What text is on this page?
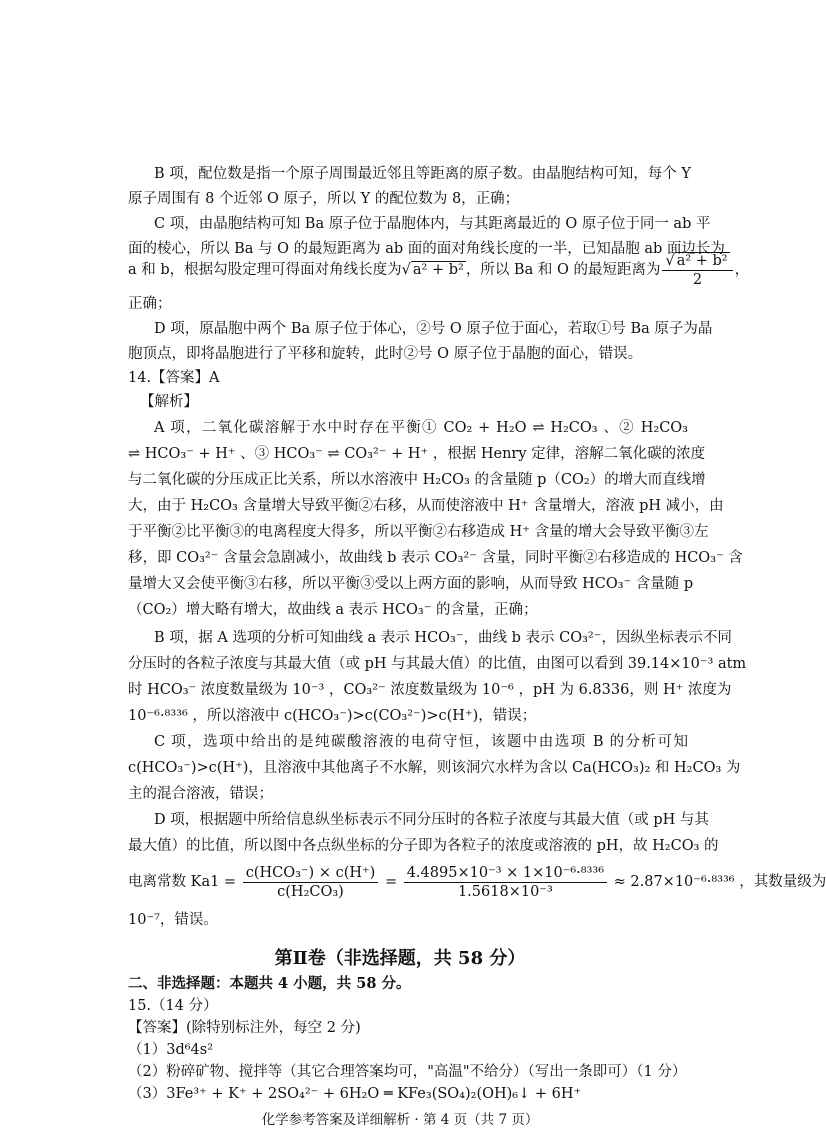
B 项，配位数是指一个原子周围最近邻且等距离的原子数。由晶胞结构可知，每个 Y
原子周围有 8 个近邻 O 原子，所以 Y 的配位数为 8，正确；
C 项，由晶胞结构可知 Ba 原子位于晶胞体内，与其距离最近的 O 原子位于同一 ab 平
面的棱心，所以 Ba 与 O 的最短距离为 ab 面的面对角线长度的一半，已知晶胞 ab 面边长为
a 和 b，根据勾股定理可得面对角线长度为√ a² + b² ，所以 Ba 和 O 的最短距离为 $\frac{\text{√ a² + b²}}{2}$ ，
正确；
D 项，原晶胞中两个 Ba 原子位于体心，②号 O 原子位于面心，若取①号 Ba 原子为晶
胞顶点，即将晶胞进行了平移和旋转，此时②号 O 原子位于晶胞的面心，错误。
14.【答案】A
【解析】
A 项，二氧化碳溶解于水中时存在平衡① CO₂ + H₂O ⇌ H₂CO₃ 、② H₂CO₃
⇌ HCO₃⁻ + H⁺ 、③ HCO₃⁻ ⇌ CO₃²⁻ + H⁺ ，根据 Henry 定律，溶解二氧化碳的浓度
与二氧化碳的分压成正比关系，所以水溶液中 H₂CO₃ 的含量随 p（CO₂）的增大而直线增
大，由于 H₂CO₃ 含量增大导致平衡②右移，从而使溶液中 H⁺ 含量增大，溶液 pH 减小，由
于平衡②比平衡③的电离程度大得多，所以平衡②右移造成 H⁺ 含量的增大会导致平衡③左
移，即 CO₃²⁻ 含量会急剧减小，故曲线 b 表示 CO₃²⁻ 含量，同时平衡②右移造成的 HCO₃⁻ 含
量增大又会使平衡③右移，所以平衡③受以上两方面的影响，从而导致 HCO₃⁻ 含量随 p
（CO₂）增大略有增大，故曲线 a 表示 HCO₃⁻ 的含量，正确；
B 项，据 A 选项的分析可知曲线 a 表示 HCO₃⁻，曲线 b 表示 CO₃²⁻，因纵坐标表示不同
分压时的各粒子浓度与其最大值（或 pH 与其最大值）的比值，由图可以看到 39.14×10⁻³ atm
时 HCO₃⁻ 浓度数量级为 10⁻³ ，CO₃²⁻ 浓度数量级为 10⁻⁶ ，pH 为 6.8336，则 H⁺ 浓度为
10⁻⁶·⁸³³⁶ ，所以溶液中 c(HCO₃⁻)>c(CO₃²⁻)>c(H⁺)，错误；
C 项，选项中给出的是纯碳酸溶液的电荷守恒，该题中由选项 B 的分析可知
c(HCO₃⁻)>c(H⁺)，且溶液中其他离子不水解，则该洞穴水样为含以 Ca(HCO₃)₂ 和 H₂CO₃ 为
主的混合溶液，错误；
D 项，根据题中所给信息纵坐标表示不同分压时的各粒子浓度与其最大值（或 pH 与其
最大值）的比值，所以图中各点纵坐标的分子即为各粒子的浓度或溶液的 pH，故 H₂CO₃ 的
电离常数 $Ka1 = \frac{\text{c(HCO₃⁻) × c(H⁺)}}{\text{c(H₂CO₃)}} = \frac{\text{4.4895×10⁻³ × 1×10⁻⁶·⁸³³⁶}}{\text{1.5618×10⁻³}} \approx 2.87\times 10^{-6}\cdot^{8336}$ ，其数量级为
10⁻⁷，错误。
第Ⅱ卷（非选择题，共 58 分）
二、非选择题：本题共 4 小题，共 58 分。
15.（14 分）
【答案】(除特别标注外，每空 2 分)
（1）3d⁶4s²
（2）粉碎矿物、搅拌等（其它合理答案均可，"高温"不给分）（写出一条即可）（1 分）
（3）3Fe³⁺ + K⁺ + 2SO₄²⁻ + 6H₂O ═ KFe₃(SO₄)₂(OH)₆↓ + 6H⁺
化学参考答案及详细解析 · 第 4 页（共 7 页）
